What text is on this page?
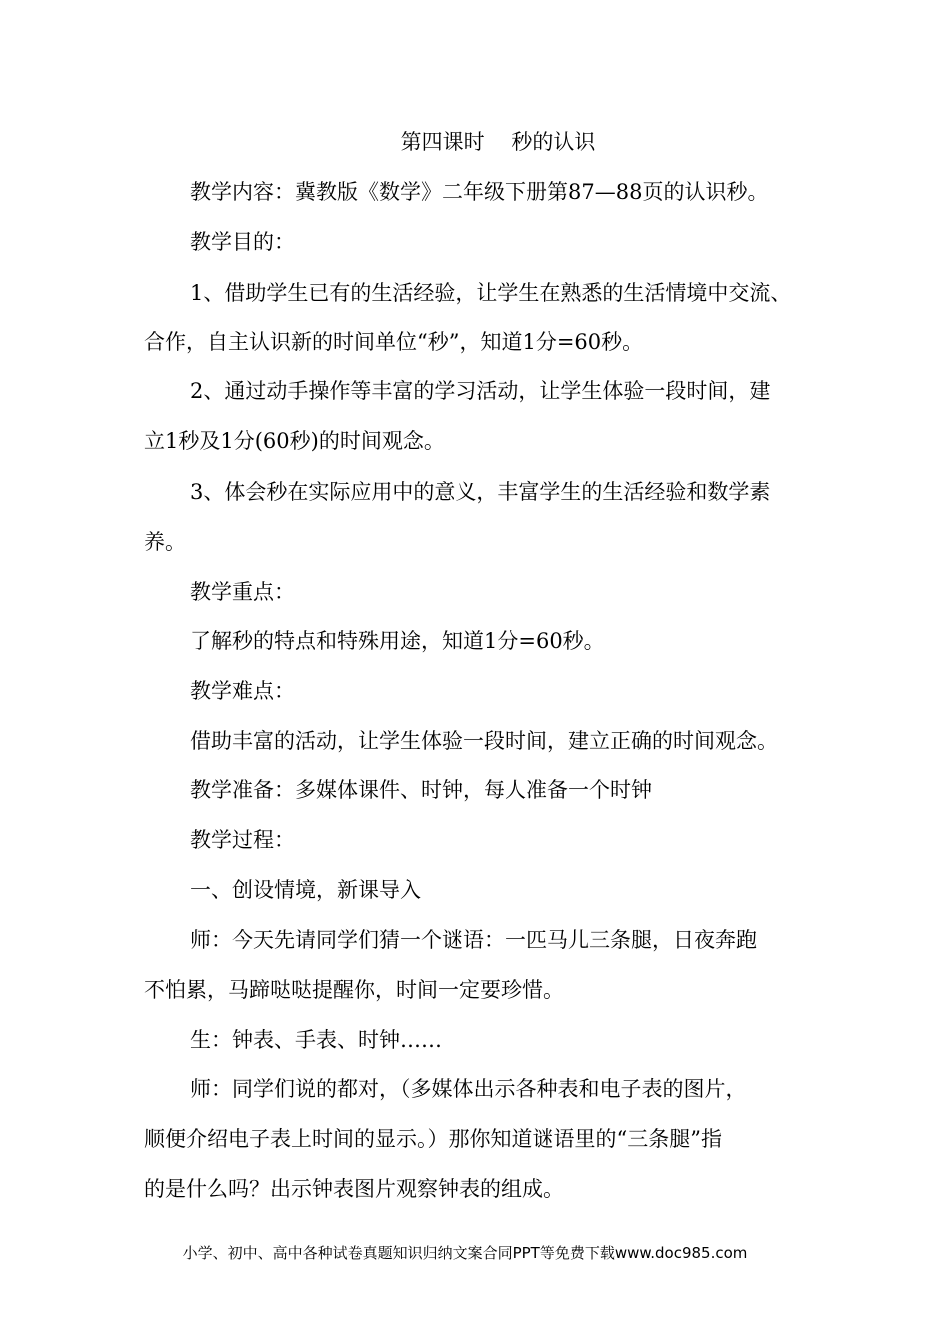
第四课时    秒的认识
教学内容：冀教版《数学》二年级下册第87—88页的认识秒。
教学目的：
1、借助学生已有的生活经验，让学生在熟悉的生活情境中交流、
合作，自主认识新的时间单位“秒”，知道1分=60秒。
2、通过动手操作等丰富的学习活动，让学生体验一段时间，建
立1秒及1分(60秒)的时间观念。
3、体会秒在实际应用中的意义，丰富学生的生活经验和数学素
养。
教学重点：
了解秒的特点和特殊用途，知道1分=60秒。
教学难点：
借助丰富的活动，让学生体验一段时间，建立正确的时间观念。
教学准备：多媒体课件、时钟，每人准备一个时钟
教学过程：
一、创设情境，新课导入
师：今天先请同学们猜一个谜语：一匹马儿三条腿，日夜奔跑
不怕累，马蹄哒哒提醒你，时间一定要珍惜。
生：钟表、手表、时钟……
师：同学们说的都对，（多媒体出示各种表和电子表的图片，
顺便介绍电子表上时间的显示。）那你知道谜语里的“三条腿”指
的是什么吗？出示钟表图片观察钟表的组成。
小学、初中、高中各种试卷真题知识归纳文案合同PPT等免费下载www.doc985.com
